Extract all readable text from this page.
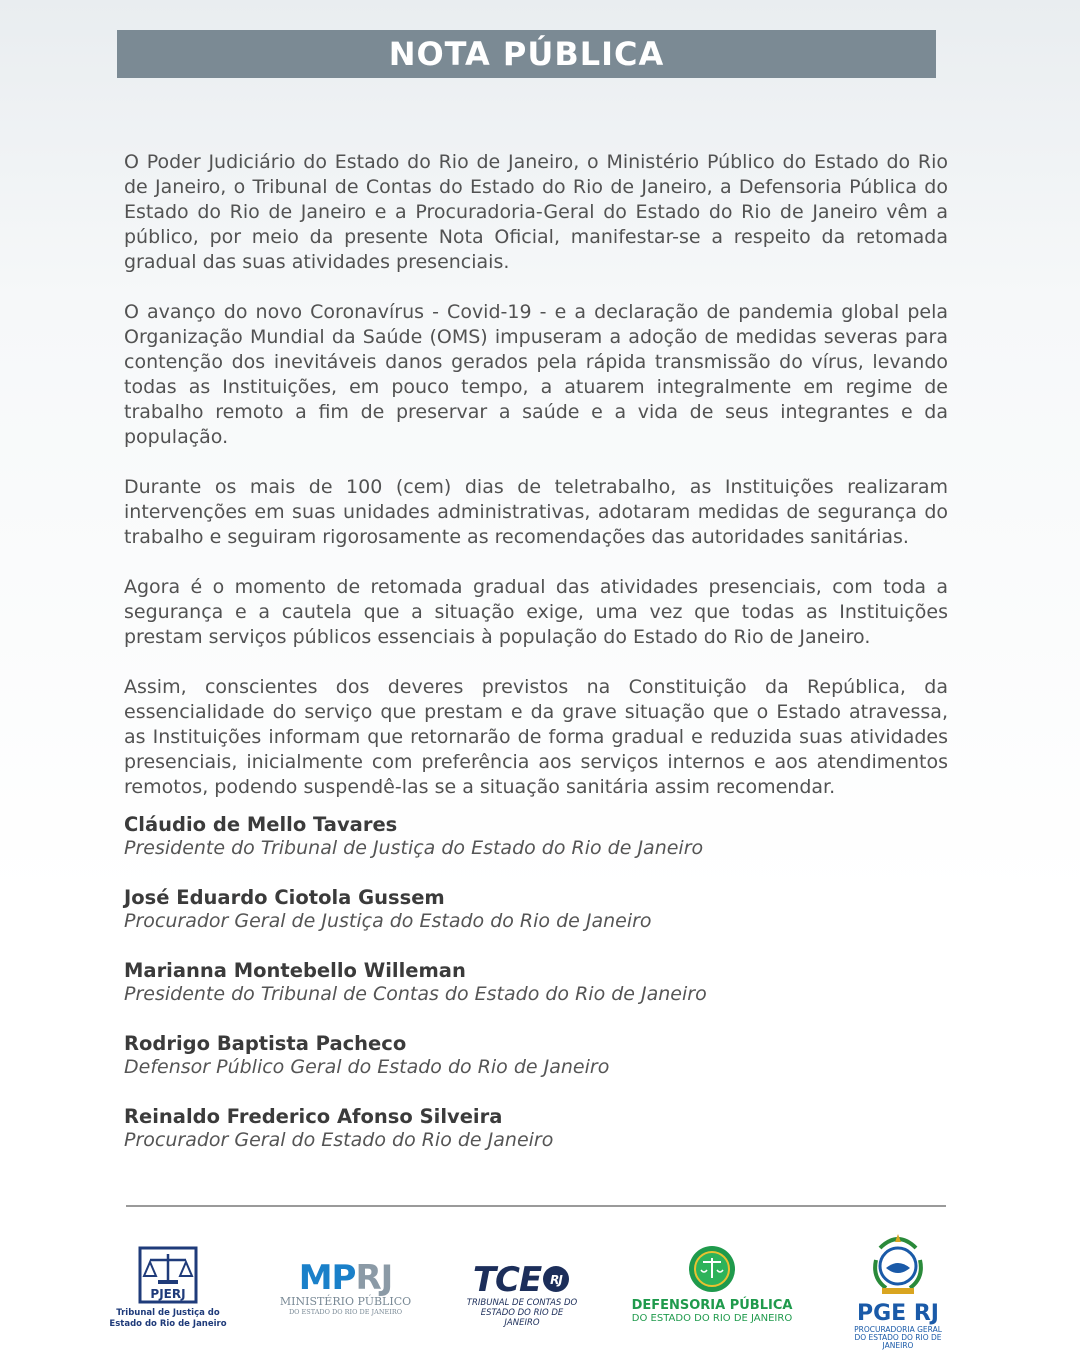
NOTA PÚBLICA

O Poder Judiciário do Estado do Rio de Janeiro, o Ministério Público do Estado do Rio de Janeiro, o Tribunal de Contas do Estado do Rio de Janeiro, a Defensoria Pública do Estado do Rio de Janeiro e a Procuradoria-Geral do Estado do Rio de Janeiro vêm a público, por meio da presente Nota Oficial, manifestar-se a respeito da retomada gradual das suas atividades presenciais.

O avanço do novo Coronavírus - Covid-19 - e a declaração de pandemia global pela Organização Mundial da Saúde (OMS) impuseram a adoção de medidas severas para contenção dos inevitáveis danos gerados pela rápida transmissão do vírus, levando todas as Instituições, em pouco tempo, a atuarem integralmente em regime de trabalho remoto a fim de preservar a saúde e a vida de seus integrantes e da população.

Durante os mais de 100 (cem) dias de teletrabalho, as Instituições realizaram intervenções em suas unidades administrativas, adotaram medidas de segurança do trabalho e seguiram rigorosamente as recomendações das autoridades sanitárias.

Agora é o momento de retomada gradual das atividades presenciais, com toda a segurança e a cautela que a situação exige, uma vez que todas as Instituições prestam serviços públicos essenciais à população do Estado do Rio de Janeiro.

Assim, conscientes dos deveres previstos na Constituição da República, da essencialidade do serviço que prestam e da grave situação que o Estado atravessa, as Instituições informam que retornarão de forma gradual e reduzida suas atividades presenciais, inicialmente com preferência aos serviços internos e aos atendimentos remotos, podendo suspendê-las se a situação sanitária assim recomendar.

Cláudio de Mello Tavares
Presidente do Tribunal de Justiça do Estado do Rio de Janeiro
José Eduardo Ciotola Gussem
Procurador Geral de Justiça do Estado do Rio de Janeiro
Marianna Montebello Willeman
Presidente do Tribunal de Contas do Estado do Rio de Janeiro
Rodrigo Baptista Pacheco
Defensor Público Geral do Estado do Rio de Janeiro
Reinaldo Frederico Afonso Silveira
Procurador Geral do Estado do Rio de Janeiro
PJERJ
Tribunal de Justiça do
Estado do Rio de Janeiro
MPRJ
MINISTÉRIO PÚBLICO
DO ESTADO DO RIO DE JANEIRO
TCE RJ
TRIBUNAL DE CONTAS DO
ESTADO DO RIO DE JANEIRO
DEFENSORIA PÚBLICA
DO ESTADO DO RIO DE JANEIRO	PGE RJ
PROCURADORIA GERAL
DO ESTADO DO RIO DE JANEIRO
